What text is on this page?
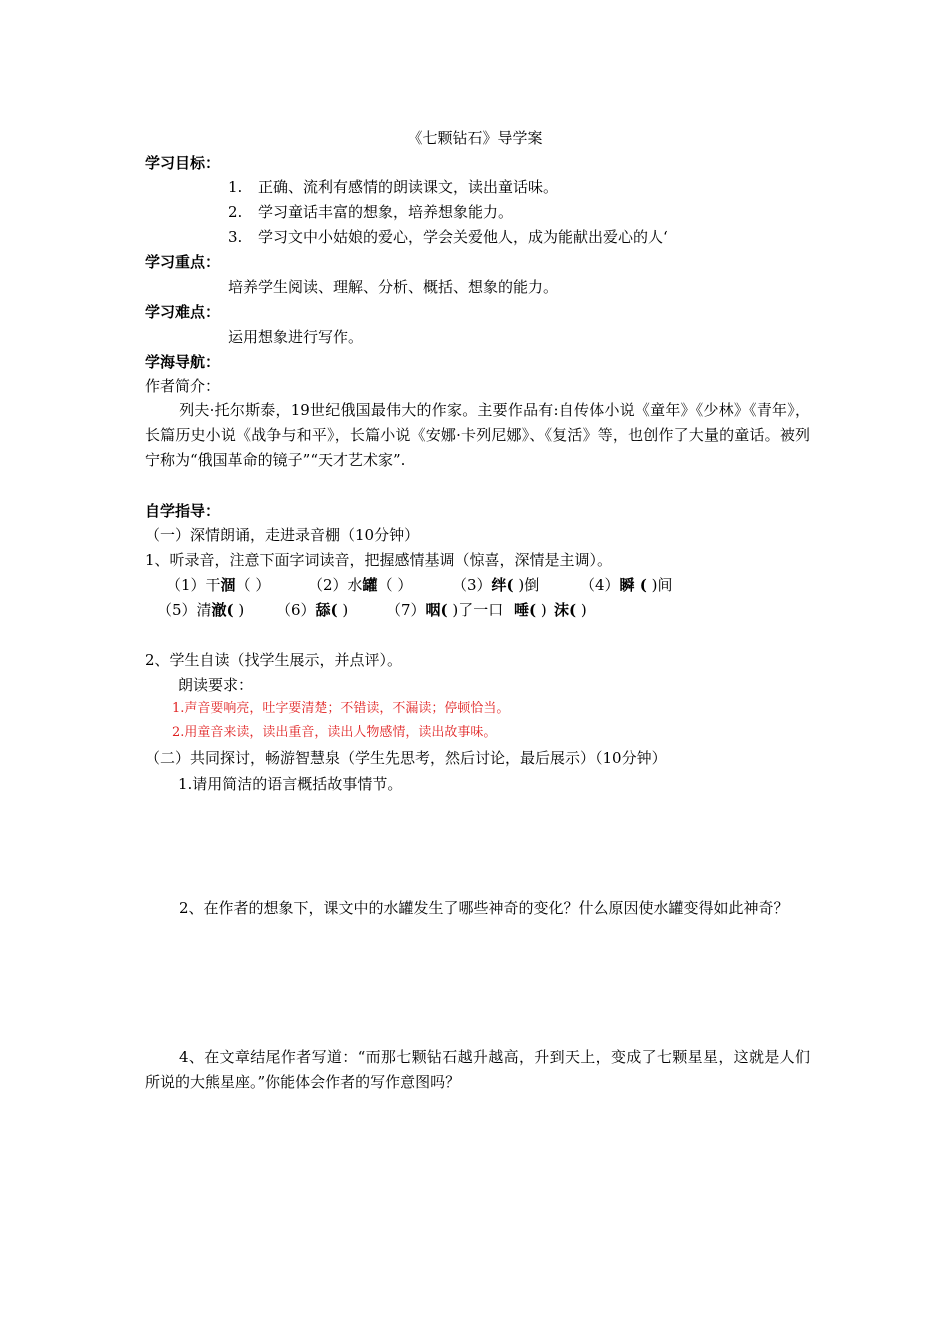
《七颗钻石》导学案
学习目标：
1. 正确、流利有感情的朗读课文，读出童话味。
2. 学习童话丰富的想象，培养想象能力。
3. 学习文中小姑娘的爱心，学会关爱他人，成为能献出爱心的人‘
学习重点：
培养学生阅读、理解、分析、概括、想象的能力。
学习难点：
运用想象进行写作。
学海导航：
作者简介：
列夫·托尔斯泰，19世纪俄国最伟大的作家。主要作品有:自传体小说《童年》《少林》《青年》，长篇历史小说《战争与和平》，长篇小说《安娜·卡列尼娜》、《复活》等，也创作了大量的童话。被列宁称为“俄国革命的镜子”“天才艺术家”.
自学指导：
（一）深情朗诵，走进录音棚（10分钟）
1、听录音，注意下面字词读音，把握感情基调（惊喜，深情是主调）。
（1）干涸（ ）	（2）水罐（ ）	（3）绊( )倒	（4）瞬 ( )间
（5）清澈( ) （6）舔( )	（7）咽( )了一口 唾( ) 沫( )
2、学生自读（找学生展示，并点评）。
朗读要求：
1.声音要响亮，吐字要清楚；不错读，不漏读；停顿恰当。
2.用童音来读，读出重音，读出人物感情，读出故事味。
（二）共同探讨，畅游智慧泉（学生先思考，然后讨论，最后展示）（10分钟）
1.请用简洁的语言概括故事情节。
2、在作者的想象下，课文中的水罐发生了哪些神奇的变化？什么原因使水罐变得如此神奇？
4、在文章结尾作者写道：“而那七颗钻石越升越高，升到天上，变成了七颗星星，这就是人们所说的大熊星座。”你能体会作者的写作意图吗？
